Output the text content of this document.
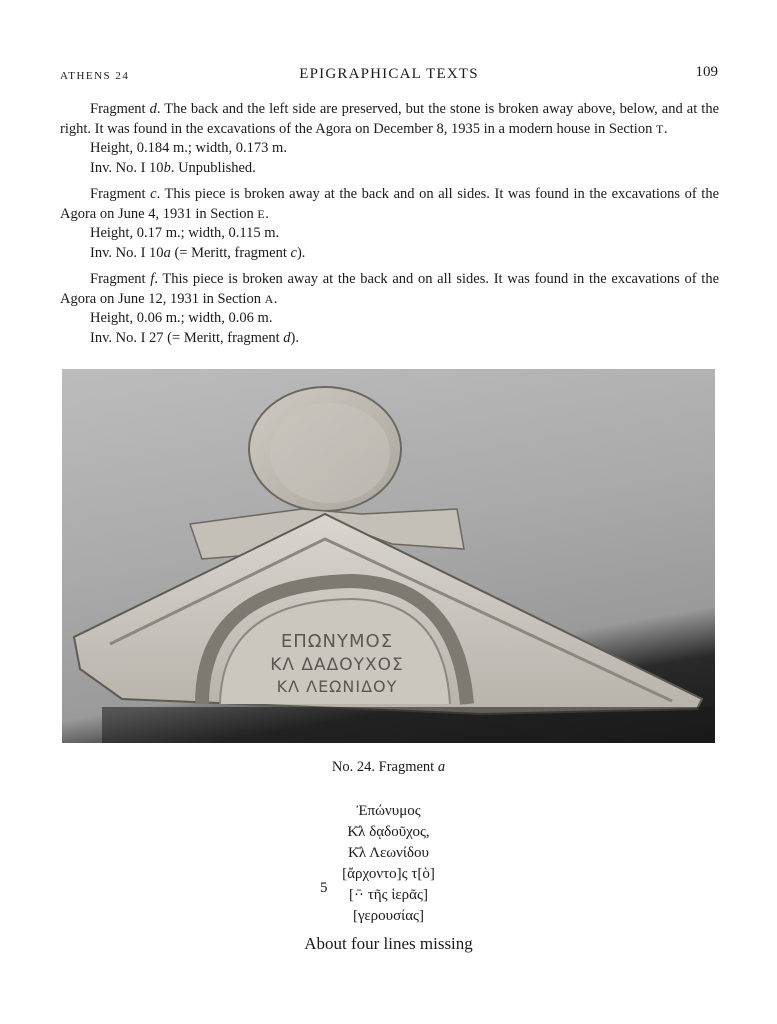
ATHENS 24	EPIGRAPHICAL TEXTS	109

Fragment d. The back and the left side are preserved, but the stone is broken away above, below, and at the right. It was found in the excavations of the Agora on December 8, 1935 in a modern house in Section T.

Height, 0.184 m.; width, 0.173 m.

Inv. No. I 10b. Unpublished.

Fragment c. This piece is broken away at the back and on all sides. It was found in the excavations of the Agora on June 4, 1931 in Section E.

Height, 0.17 m.; width, 0.115 m.

Inv. No. I 10a (= Meritt, fragment c).

Fragment f. This piece is broken away at the back and on all sides. It was found in the excavations of the Agora on June 12, 1931 in Section A.

Height, 0.06 m.; width, 0.06 m.

Inv. No. I 27 (= Meritt, fragment d).

ΕΠΩΝΥΜΟΣ
ΚΛ ΔΑΔΟΥΧΟΣ
ΚΛ ΛΕΩΝΙΔΟΥ
No. 24. Fragment a
Ἐπώνυμος
Κ̄λ δᾳδοῦχος,
Κ̄λ Λεωνίδου
[ἄρχοντο]ς τ[ὸ]
[·̄· τῆς ἱερᾶς]
[γερουσίας]
5
About four lines missing
